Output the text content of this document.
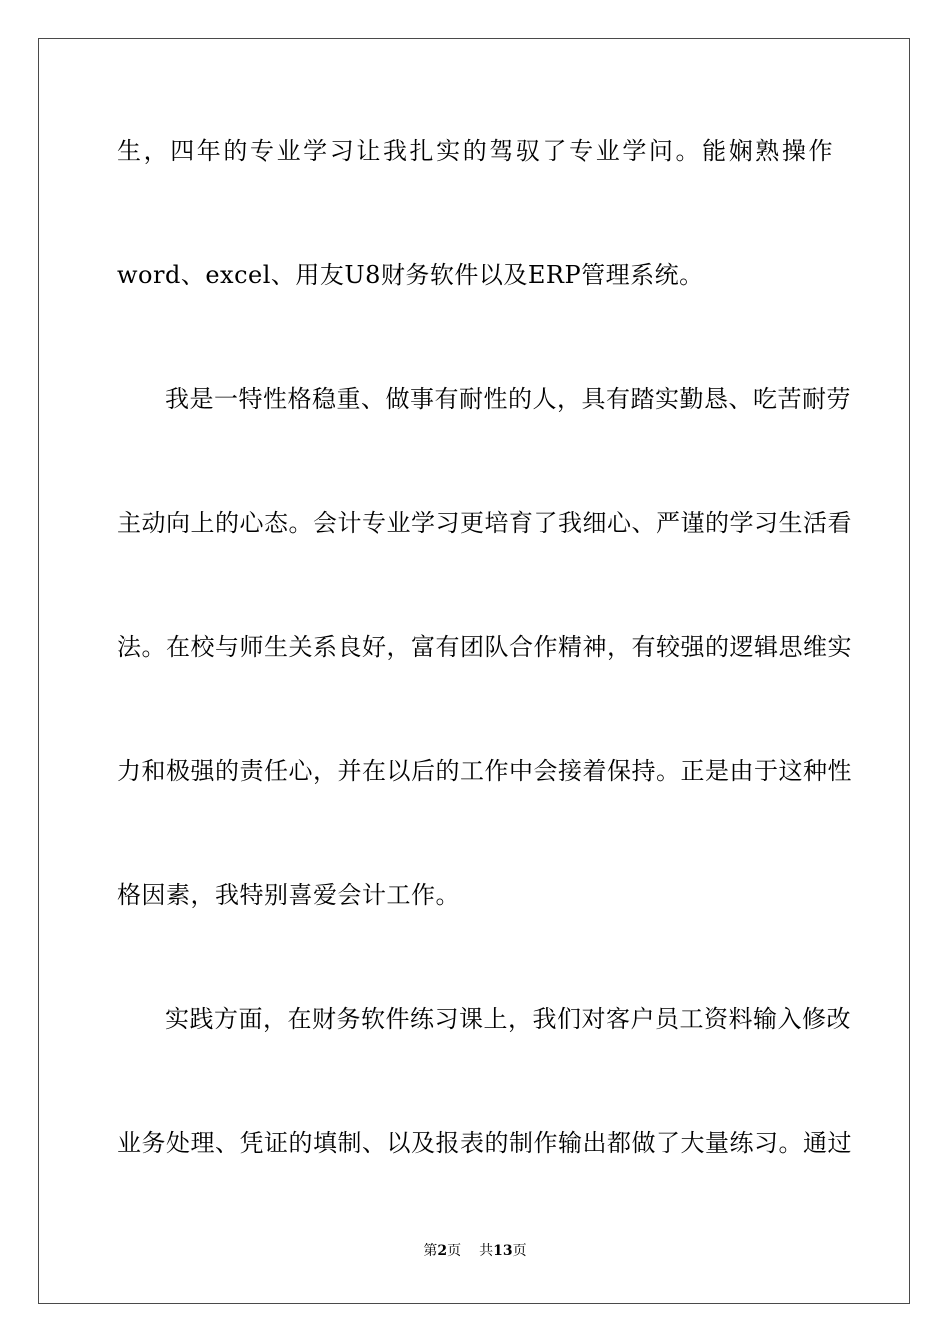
生，四年的专业学习让我扎实的驾驭了专业学问。能娴熟操作
word、excel、用友U8财务软件以及ERP管理系统。
我是一特性格稳重、做事有耐性的人，具有踏实勤恳、吃苦耐劳
主动向上的心态。会计专业学习更培育了我细心、严谨的学习生活看
法。在校与师生关系良好，富有团队合作精神，有较强的逻辑思维实
力和极强的责任心，并在以后的工作中会接着保持。正是由于这种性
格因素，我特别喜爱会计工作。
实践方面，在财务软件练习课上，我们对客户员工资料输入修改
业务处理、凭证的填制、以及报表的制作输出都做了大量练习。通过
第2页 共13页
